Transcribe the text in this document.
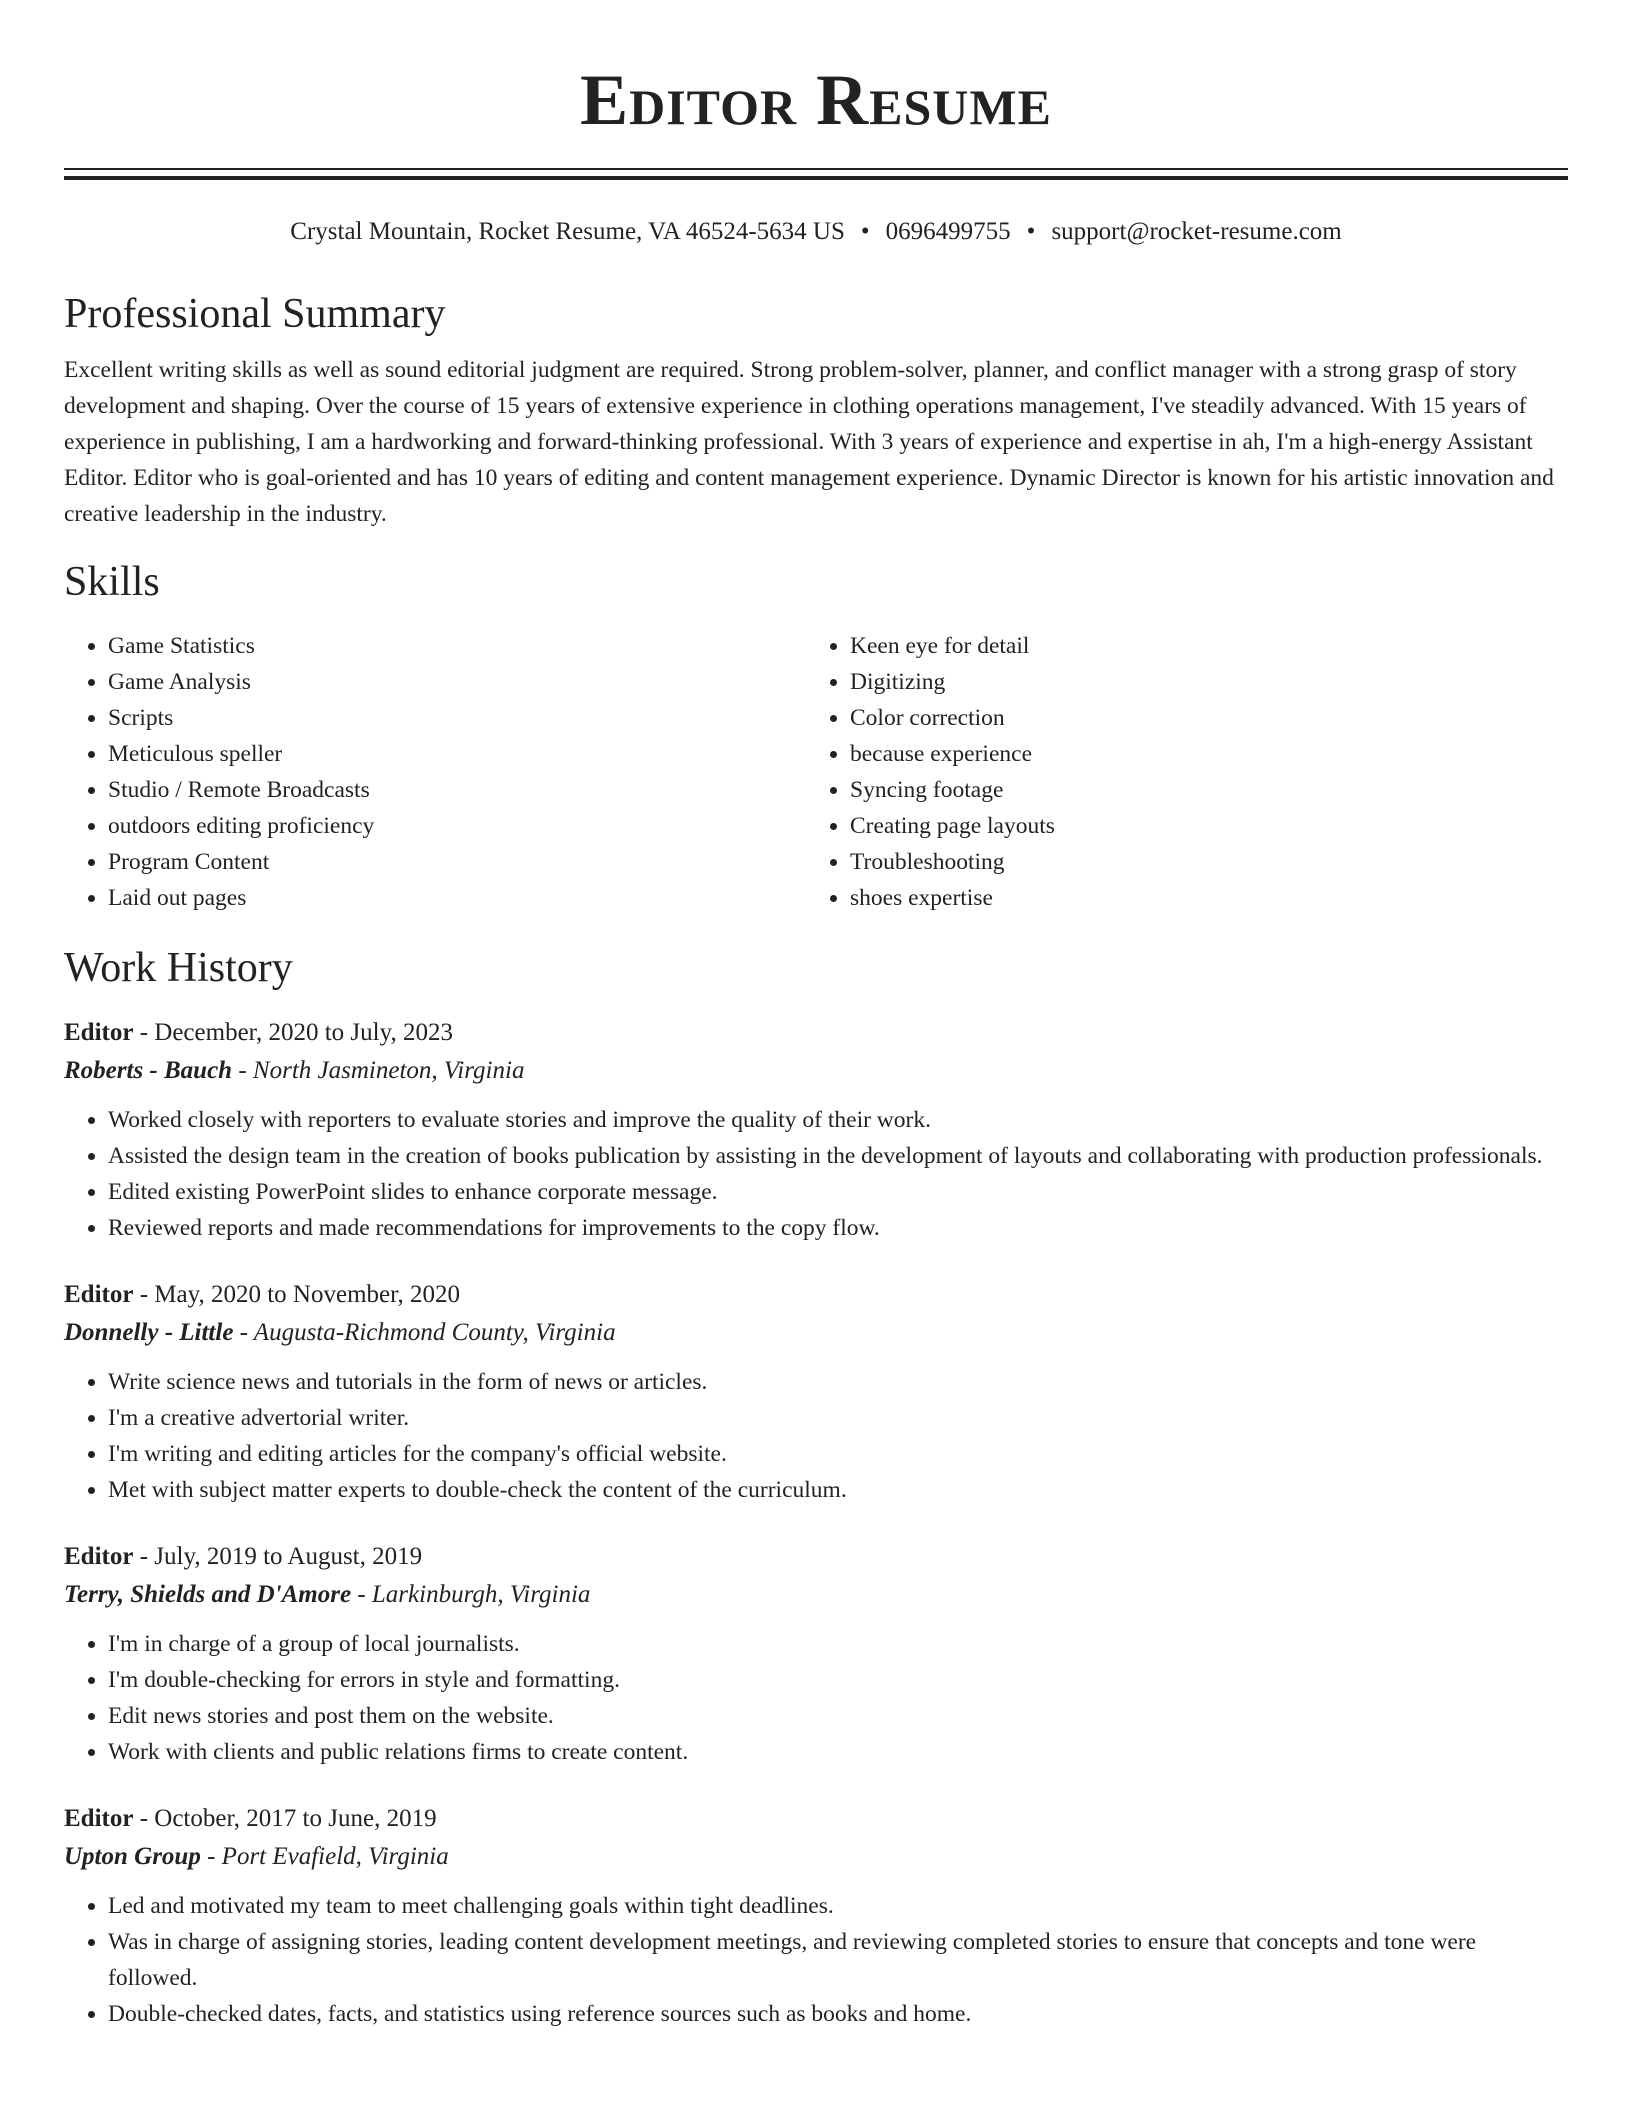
Editor Resume
Crystal Mountain, Rocket Resume, VA 46524-5634 US • 0696499755 • support@rocket-resume.com
Professional Summary

Excellent writing skills as well as sound editorial judgment are required. Strong problem-solver, planner, and conflict manager with a strong grasp of story development and shaping. Over the course of 15 years of extensive experience in clothing operations management, I've steadily advanced. With 15 years of experience in publishing, I am a hardworking and forward-thinking professional. With 3 years of experience and expertise in ah, I'm a high-energy Assistant Editor. Editor who is goal-oriented and has 10 years of editing and content management experience. Dynamic Director is known for his artistic innovation and creative leadership in the industry.

Skills
• Game Statistics
• Game Analysis
• Scripts
• Meticulous speller
• Studio / Remote Broadcasts
• outdoors editing proficiency
• Program Content
• Laid out pages
• Keen eye for detail
• Digitizing
• Color correction
• because experience
• Syncing footage
• Creating page layouts
• Troubleshooting
• shoes expertise
Work History
Editor - December, 2020 to July, 2023
Roberts - Bauch - North Jasmineton, Virginia
• Worked closely with reporters to evaluate stories and improve the quality of their work.
• Assisted the design team in the creation of books publication by assisting in the development of layouts and collaborating with production professionals.
• Edited existing PowerPoint slides to enhance corporate message.
• Reviewed reports and made recommendations for improvements to the copy flow.
Editor - May, 2020 to November, 2020
Donnelly - Little - Augusta-Richmond County, Virginia
• Write science news and tutorials in the form of news or articles.
• I'm a creative advertorial writer.
• I'm writing and editing articles for the company's official website.
• Met with subject matter experts to double-check the content of the curriculum.
Editor - July, 2019 to August, 2019
Terry, Shields and D'Amore - Larkinburgh, Virginia
• I'm in charge of a group of local journalists.
• I'm double-checking for errors in style and formatting.
• Edit news stories and post them on the website.
• Work with clients and public relations firms to create content.
Editor - October, 2017 to June, 2019
Upton Group - Port Evafield, Virginia
• Led and motivated my team to meet challenging goals within tight deadlines.
• Was in charge of assigning stories, leading content development meetings, and reviewing completed stories to ensure that concepts and tone were followed.
• Double-checked dates, facts, and statistics using reference sources such as books and home.
